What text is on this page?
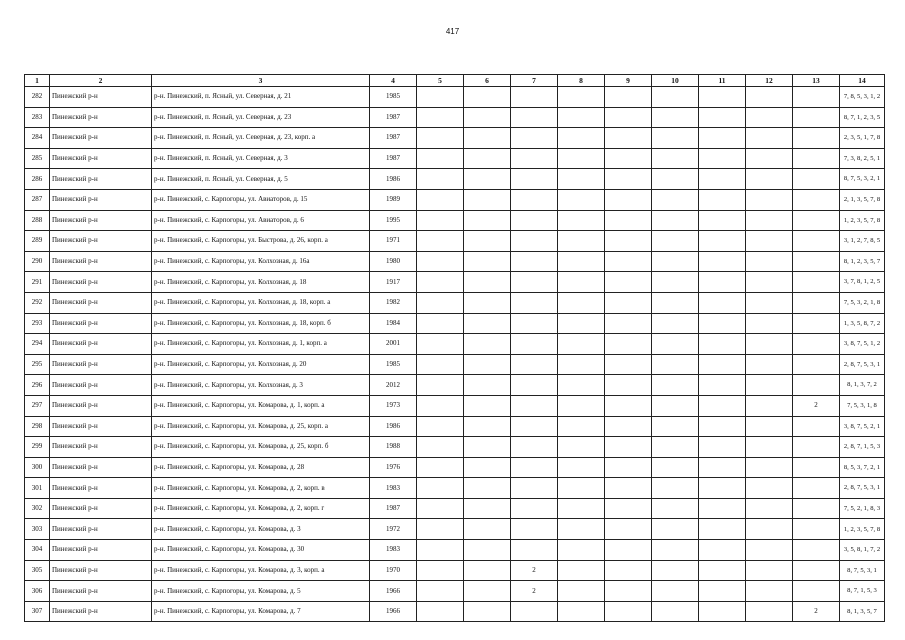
417
1	2	3	4	5	6	7	8	9	10	11	12	13	14
282	Пинежский р-н	р-н. Пинежский, п. Ясный, ул. Северная, д. 21	1985										7, 8, 5, 3, 1, 2
283	Пинежский р-н	р-н. Пинежский, п. Ясный, ул. Северная, д. 23	1987										8, 7, 1, 2, 3, 5
284	Пинежский р-н	р-н. Пинежский, п. Ясный, ул. Северная, д. 23, корп. а	1987										2, 3, 5, 1, 7, 8
285	Пинежский р-н	р-н. Пинежский, п. Ясный, ул. Северная, д. 3	1987										7, 3, 8, 2, 5, 1
286	Пинежский р-н	р-н. Пинежский, п. Ясный, ул. Северная, д. 5	1986										8, 7, 5, 3, 2, 1
287	Пинежский р-н	р-н. Пинежский, с. Карпогоры, ул. Авиаторов, д. 15	1989										2, 1, 3, 5, 7, 8
288	Пинежский р-н	р-н. Пинежский, с. Карпогоры, ул. Авиаторов, д. 6	1995										1, 2, 3, 5, 7, 8
289	Пинежский р-н	р-н. Пинежский, с. Карпогоры, ул. Быстрова, д. 26, корп. а	1971										3, 1, 2, 7, 8, 5
290	Пинежский р-н	р-н. Пинежский, с. Карпогоры, ул. Колхозная, д. 16а	1980										8, 1, 2, 3, 5, 7
291	Пинежский р-н	р-н. Пинежский, с. Карпогоры, ул. Колхозная, д. 18	1917										3, 7, 8, 1, 2, 5
292	Пинежский р-н	р-н. Пинежский, с. Карпогоры, ул. Колхозная, д. 18, корп. а	1982										7, 5, 3, 2, 1, 8
293	Пинежский р-н	р-н. Пинежский, с. Карпогоры, ул. Колхозная, д. 18, корп. б	1984										1, 3, 5, 8, 7, 2
294	Пинежский р-н	р-н. Пинежский, с. Карпогоры, ул. Колхозная, д. 1, корп. а	2001										3, 8, 7, 5, 1, 2
295	Пинежский р-н	р-н. Пинежский, с. Карпогоры, ул. Колхозная, д. 20	1985										2, 8, 7, 5, 3, 1
296	Пинежский р-н	р-н. Пинежский, с. Карпогоры, ул. Колхозная, д. 3	2012										8, 1, 3, 7, 2
297	Пинежский р-н	р-н. Пинежский, с. Карпогоры, ул. Комарова, д. 1, корп. а	1973									2	7, 5, 3, 1, 8
298	Пинежский р-н	р-н. Пинежский, с. Карпогоры, ул. Комарова, д. 25, корп. а	1986										3, 8, 7, 5, 2, 1
299	Пинежский р-н	р-н. Пинежский, с. Карпогоры, ул. Комарова, д. 25, корп. б	1988										2, 8, 7, 1, 5, 3
300	Пинежский р-н	р-н. Пинежский, с. Карпогоры, ул. Комарова, д. 28	1976										8, 5, 3, 7, 2, 1
301	Пинежский р-н	р-н. Пинежский, с. Карпогоры, ул. Комарова, д. 2, корп. в	1983										2, 8, 7, 5, 3, 1
302	Пинежский р-н	р-н. Пинежский, с. Карпогоры, ул. Комарова, д. 2, корп. г	1987										7, 5, 2, 1, 8, 3
303	Пинежский р-н	р-н. Пинежский, с. Карпогоры, ул. Комарова, д. 3	1972										1, 2, 3, 5, 7, 8
304	Пинежский р-н	р-н. Пинежский, с. Карпогоры, ул. Комарова, д. 30	1983										3, 5, 8, 1, 7, 2
305	Пинежский р-н	р-н. Пинежский, с. Карпогоры, ул. Комарова, д. 3, корп. а	1970			2							8, 7, 5, 3, 1
306	Пинежский р-н	р-н. Пинежский, с. Карпогоры, ул. Комарова, д. 5	1966			2							8, 7, 1, 5, 3
307	Пинежский р-н	р-н. Пинежский, с. Карпогоры, ул. Комарова, д. 7	1966									2	8, 1, 3, 5, 7
